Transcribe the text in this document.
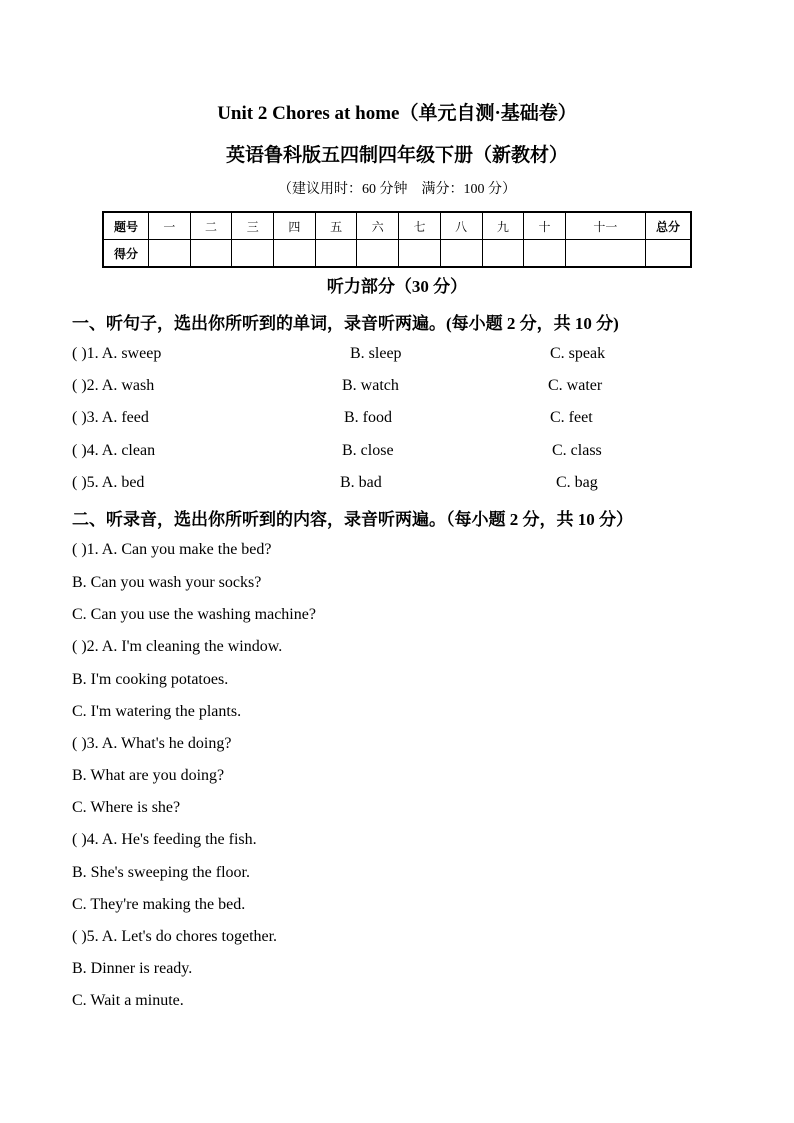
Unit 2 Chores at home（单元自测·基础卷）
英语鲁科版五四制四年级下册（新教材）
（建议用时：60 分钟　满分：100 分）
题号	一	二	三	四	五	六	七	八	九	十	十一	总分
得分												
听力部分（30 分）
一、听句子，选出你所听到的单词，录音听两遍。(每小题 2 分，共 10 分)
( )1. A. sweep	B. sleep	C. speak
( )2. A. wash	B. watch	C. water
( )3. A. feed	B. food	C. feet
( )4. A. clean	B. close	C. class
( )5. A. bed	B. bad	C. bag
二、听录音，选出你所听到的内容，录音听两遍。（每小题 2 分，共 10 分）
( )1. A. Can you make the bed?
B. Can you wash your socks?
C. Can you use the washing machine?
( )2. A. I'm cleaning the window.
B. I'm cooking potatoes.
C. I'm watering the plants.
( )3. A. What's he doing?
B. What are you doing?
C. Where is she?
( )4. A. He's feeding the fish.
B. She's sweeping the floor.
C. They're making the bed.
( )5. A. Let's do chores together.
B. Dinner is ready.
C. Wait a minute.
